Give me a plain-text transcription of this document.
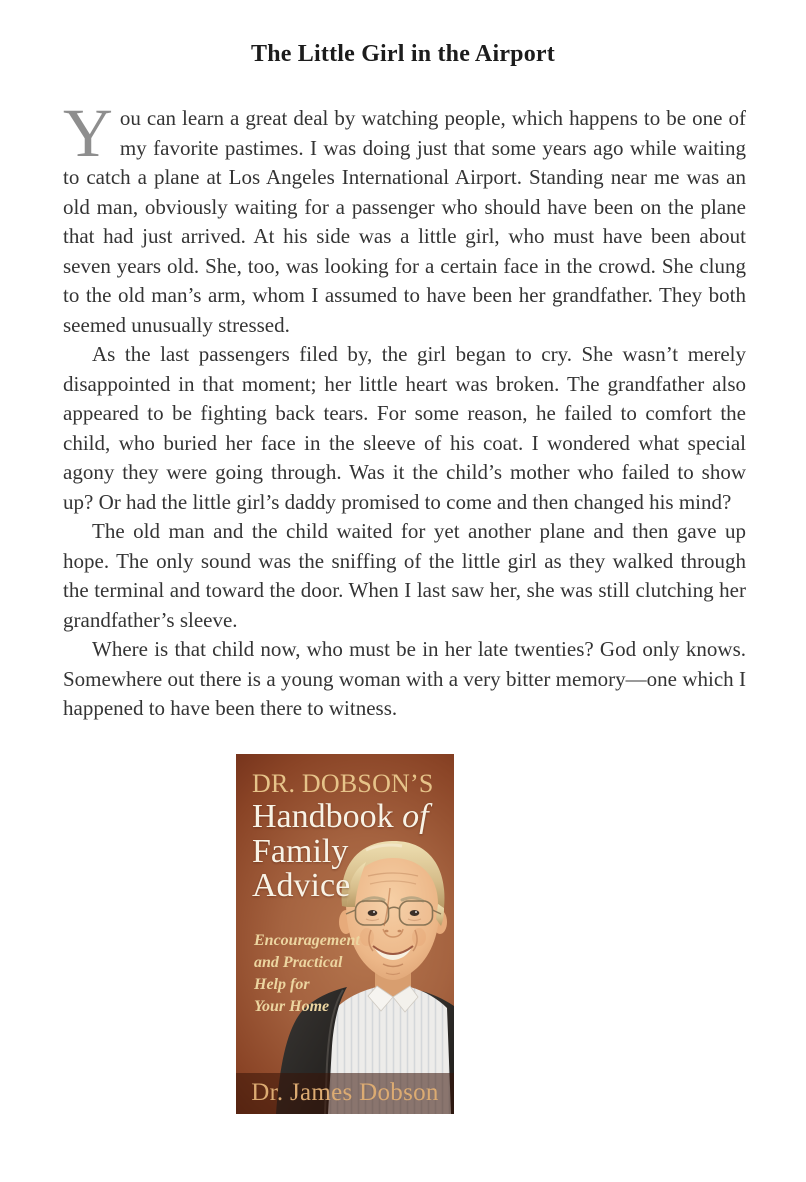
The Little Girl in the Airport

You can learn a great deal by watching people, which happens to be one of my favorite pastimes. I was doing just that some years ago while waiting to catch a plane at Los Angeles International Airport. Standing near me was an old man, obviously waiting for a passenger who should have been on the plane that had just arrived. At his side was a little girl, who must have been about seven years old. She, too, was looking for a certain face in the crowd. She clung to the old man’s arm, whom I assumed to have been her grandfather. They both seemed unusually stressed.

As the last passengers filed by, the girl began to cry. She wasn’t merely disappointed in that moment; her little heart was broken. The grandfather also appeared to be fighting back tears. For some reason, he failed to comfort the child, who buried her face in the sleeve of his coat. I wondered what special agony they were going through. Was it the child’s mother who failed to show up? Or had the little girl’s daddy promised to come and then changed his mind?

The old man and the child waited for yet another plane and then gave up hope. The only sound was the sniffing of the little girl as they walked through the terminal and toward the door. When I last saw her, she was still clutching her grandfather’s sleeve.

Where is that child now, who must be in her late twenties? God only knows. Somewhere out there is a young woman with a very bitter memory—one which I happened to have been there to witness.

DR. DOBSON’S
Handbook of
Family
Advice
Encouragement
and Practical
Help for
Your Home
Dr. James Dobson
